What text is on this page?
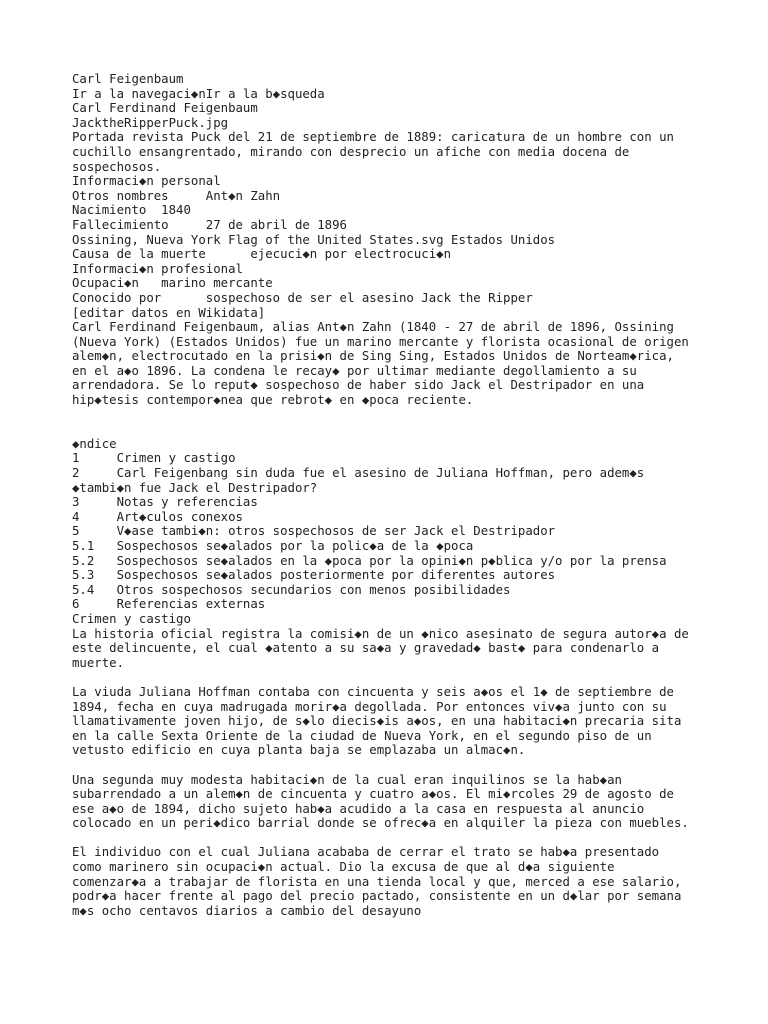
Carl Feigenbaum
Ir a la navegaci◆nIr a la b◆squeda
Carl Ferdinand Feigenbaum
JacktheRipperPuck.jpg
Portada revista Puck del 21 de septiembre de 1889: caricatura de un hombre con un
cuchillo ensangrentado, mirando con desprecio un afiche con media docena de
sospechosos.
Informaci◆n personal
Otros nombres     Ant◆n Zahn
Nacimiento  1840
Fallecimiento     27 de abril de 1896
Ossining, Nueva York Flag of the United States.svg Estados Unidos
Causa de la muerte      ejecuci◆n por electrocuci◆n
Informaci◆n profesional
Ocupaci◆n   marino mercante
Conocido por      sospechoso de ser el asesino Jack the Ripper
[editar datos en Wikidata]
Carl Ferdinand Feigenbaum, alias Ant◆n Zahn (1840 - 27 de abril de 1896, Ossining
(Nueva York) (Estados Unidos) fue un marino mercante y florista ocasional de origen
alem◆n, electrocutado en la prisi◆n de Sing Sing, Estados Unidos de Norteam◆rica,
en el a◆o 1896. La condena le recay◆ por ultimar mediante degollamiento a su
arrendadora. Se lo reput◆ sospechoso de haber sido Jack el Destripador en una
hip◆tesis contempor◆nea que rebrot◆ en ◆poca reciente.
◆ndice
1     Crimen y castigo
2     Carl Feigenbang sin duda fue el asesino de Juliana Hoffman, pero adem◆s
◆tambi◆n fue Jack el Destripador?
3     Notas y referencias
4     Art◆culos conexos
5     V◆ase tambi◆n: otros sospechosos de ser Jack el Destripador
5.1   Sospechosos se◆alados por la polic◆a de la ◆poca
5.2   Sospechosos se◆alados en la ◆poca por la opini◆n p◆blica y/o por la prensa
5.3   Sospechosos se◆alados posteriormente por diferentes autores
5.4   Otros sospechosos secundarios con menos posibilidades
6     Referencias externas
Crimen y castigo
La historia oficial registra la comisi◆n de un ◆nico asesinato de segura autor◆a de
este delincuente, el cual ◆atento a su sa◆a y gravedad◆ bast◆ para condenarlo a
muerte.
La viuda Juliana Hoffman contaba con cincuenta y seis a◆os el 1◆ de septiembre de
1894, fecha en cuya madrugada morir◆a degollada. Por entonces viv◆a junto con su
llamativamente joven hijo, de s◆lo diecis◆is a◆os, en una habitaci◆n precaria sita
en la calle Sexta Oriente de la ciudad de Nueva York, en el segundo piso de un
vetusto edificio en cuya planta baja se emplazaba un almac◆n.
Una segunda muy modesta habitaci◆n de la cual eran inquilinos se la hab◆an
subarrendado a un alem◆n de cincuenta y cuatro a◆os. El mi◆rcoles 29 de agosto de
ese a◆o de 1894, dicho sujeto hab◆a acudido a la casa en respuesta al anuncio
colocado en un peri◆dico barrial donde se ofrec◆a en alquiler la pieza con muebles.
El individuo con el cual Juliana acababa de cerrar el trato se hab◆a presentado
como marinero sin ocupaci◆n actual. Dio la excusa de que al d◆a siguiente
comenzar◆a a trabajar de florista en una tienda local y que, merced a ese salario,
podr◆a hacer frente al pago del precio pactado, consistente en un d◆lar por semana
m◆s ocho centavos diarios a cambio del desayuno
